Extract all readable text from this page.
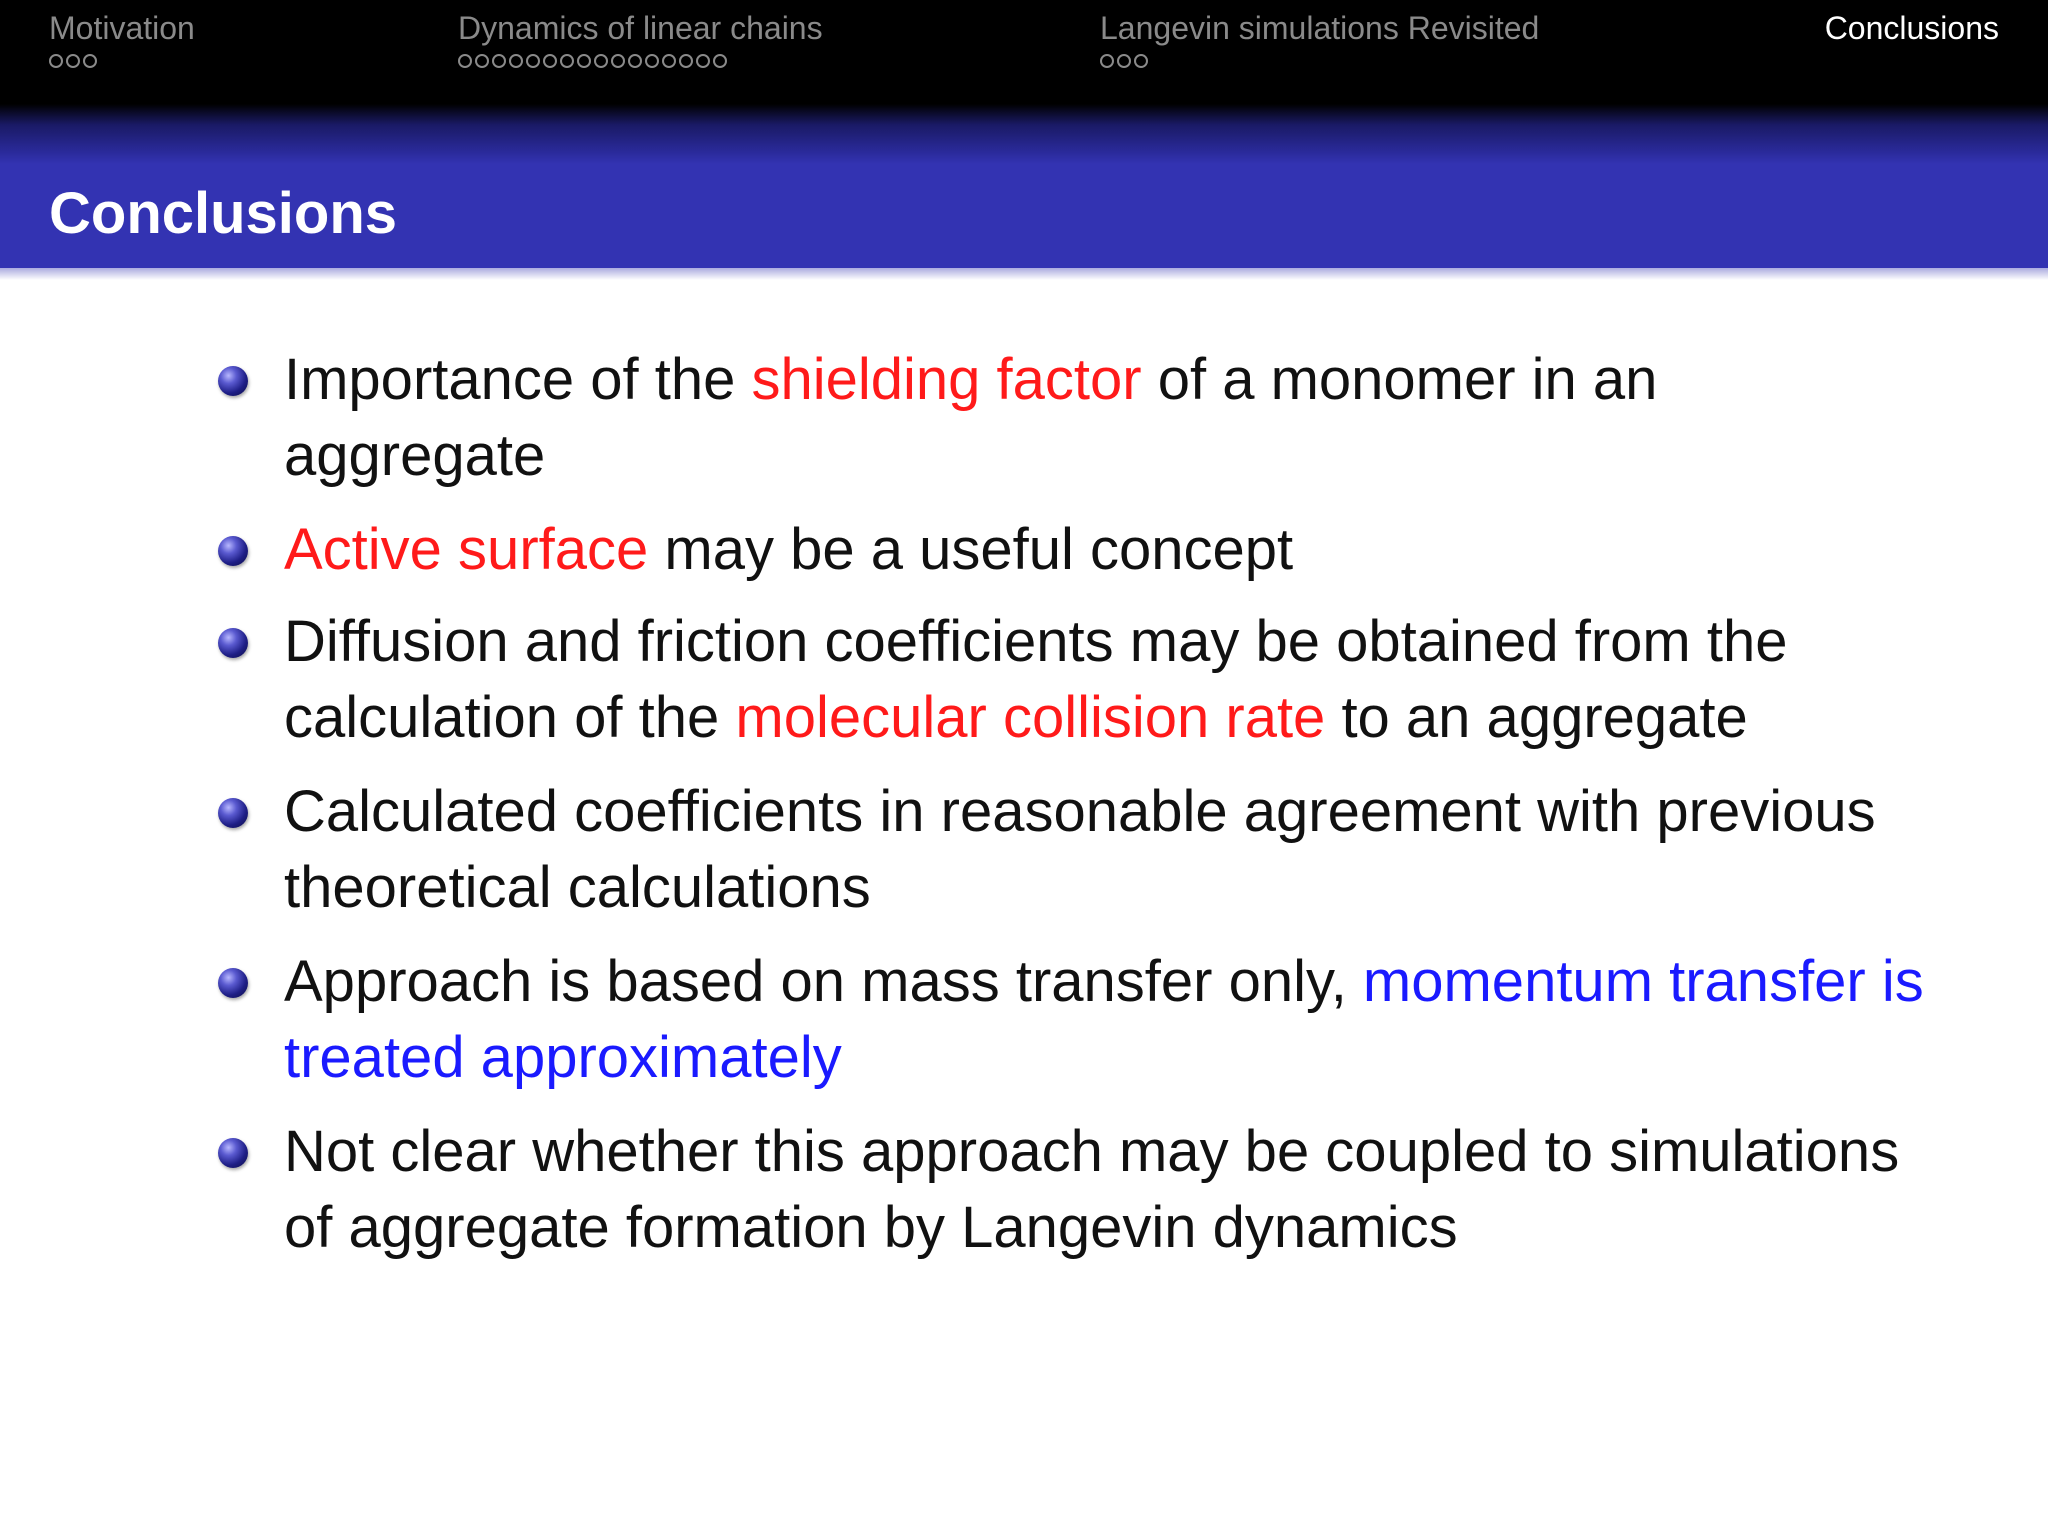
Motivation	Dynamics of linear chains	Langevin simulations Revisited	Conclusions
Conclusions
Importance of the shielding factor of a monomer in an aggregate
Active surface may be a useful concept
Diffusion and friction coefficients may be obtained from the calculation of the molecular collision rate to an aggregate
Calculated coefficients in reasonable agreement with previous theoretical calculations
Approach is based on mass transfer only, momentum transfer is treated approximately
Not clear whether this approach may be coupled to simulations of aggregate formation by Langevin dynamics
